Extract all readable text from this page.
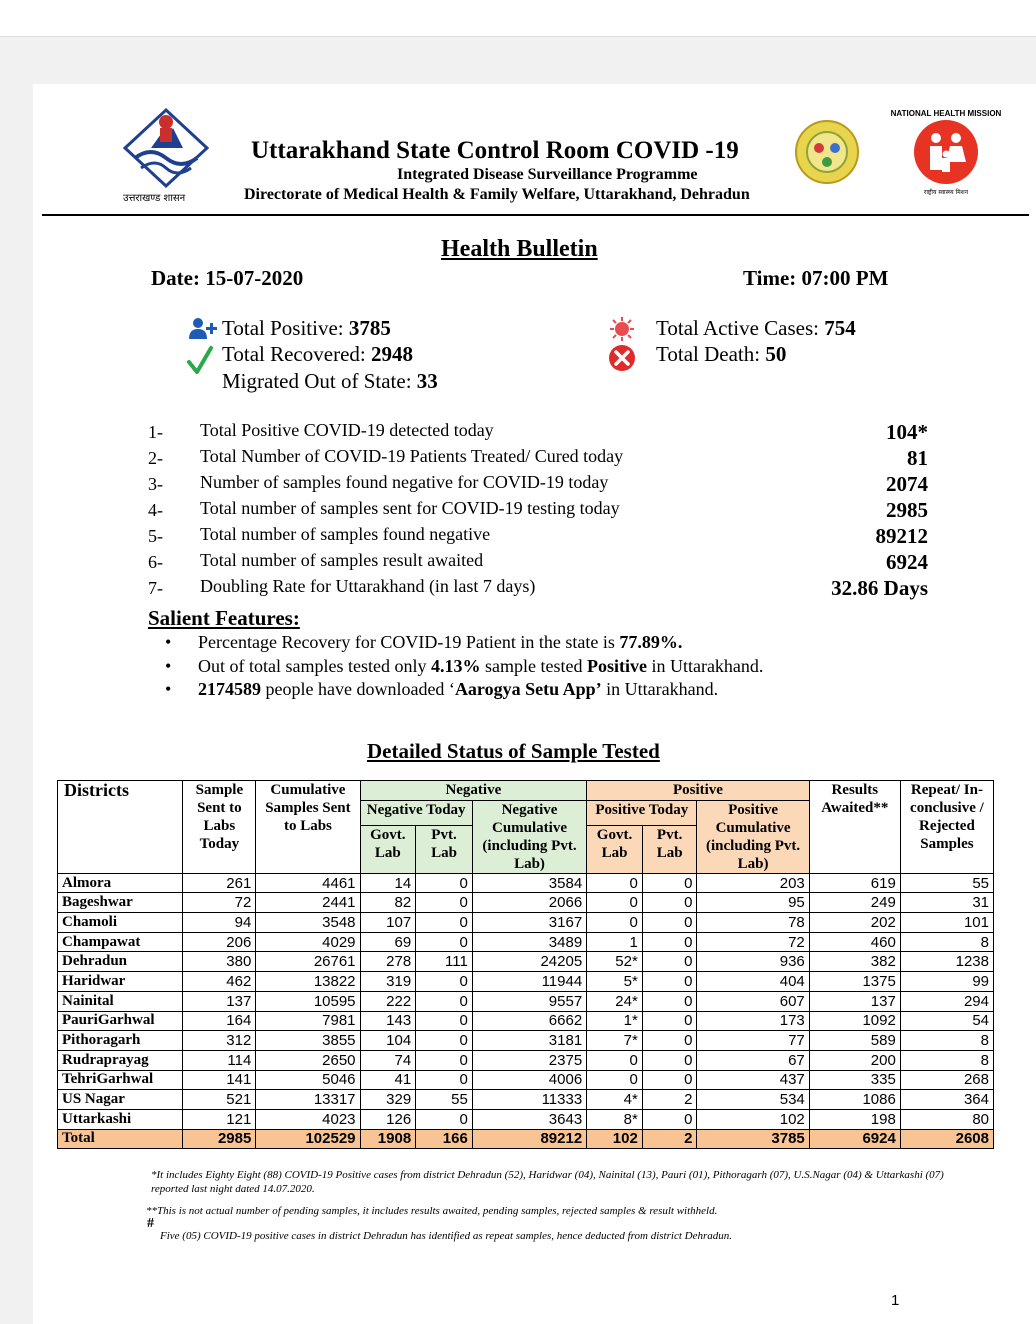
उत्तराखण्ड शासन
Uttarakhand State Control Room COVID -19
Integrated Disease Surveillance Programme
Directorate of Medical Health & Family Welfare, Uttarakhand, Dehradun
NATIONAL HEALTH MISSION
राष्ट्रीय स्वास्थ्य मिशन
Health Bulletin
Date: 15-07-2020	Time: 07:00 PM
Total Positive: 3785
Total Recovered: 2948
Migrated Out of State: 33
Total Active Cases: 754
Total Death: 50
1- Total Positive COVID-19 detected today	104*
2- Total Number of COVID-19 Patients Treated/ Cured today	81
3- Number of samples found negative for COVID-19 today	2074
4- Total number of samples sent for COVID-19 testing today	2985
5- Total number of samples found negative	89212
6- Total number of samples result awaited	6924
7- Doubling Rate for Uttarakhand (in last 7 days)	32.86 Days
Salient Features:
• Percentage Recovery for COVID-19 Patient in the state is 77.89%.
• Out of total samples tested only 4.13% sample tested Positive in Uttarakhand.
• 2174589 people have downloaded ‘Aarogya Setu App’ in Uttarakhand.
Detailed Status of Sample Tested
Districts	Sample Sent to Labs Today	Cumulative Samples Sent to Labs	Negative			Positive			Results Awaited**	Repeat/ In-conclusive / Rejected Samples
			Negative Today		Negative Cumulative (including Pvt. Lab)	Positive Today		Positive Cumulative (including Pvt. Lab)		

			Govt. Lab	Pvt. Lab		Govt. Lab	Pvt. Lab			
Almora	261	4461	14	0	3584	0	0	203	619	55
Bageshwar	72	2441	82	0	2066	0	0	95	249	31
Chamoli	94	3548	107	0	3167	0	0	78	202	101
Champawat	206	4029	69	0	3489	1	0	72	460	8
Dehradun	380	26761	278	111	24205	52*	0	936	382	1238
Haridwar	462	13822	319	0	11944	5*	0	404	1375	99
Nainital	137	10595	222	0	9557	24*	0	607	137	294
PauriGarhwal	164	7981	143	0	6662	1*	0	173	1092	54
Pithoragarh	312	3855	104	0	3181	7*	0	77	589	8
Rudraprayag	114	2650	74	0	2375	0	0	67	200	8
TehriGarhwal	141	5046	41	0	4006	0	0	437	335	268
US Nagar	521	13317	329	55	11333	4*	2	534	1086	364
Uttarkashi	121	4023	126	0	3643	8*	0	102	198	80
Total	2985	102529	1908	166	89212	102	2	3785	6924	2608
*It includes Eighty Eight (88) COVID-19 Positive cases from district Dehradun (52), Haridwar (04), Nainital (13), Pauri (01), Pithoragarh (07), U.S.Nagar (04) & Uttarkashi (07) reported last night dated 14.07.2020.
**This is not actual number of pending samples, it includes results awaited, pending samples, rejected samples & result withheld.
#
Five (05) COVID-19 positive cases in district Dehradun has identified as repeat samples, hence deducted from district Dehradun.
1
